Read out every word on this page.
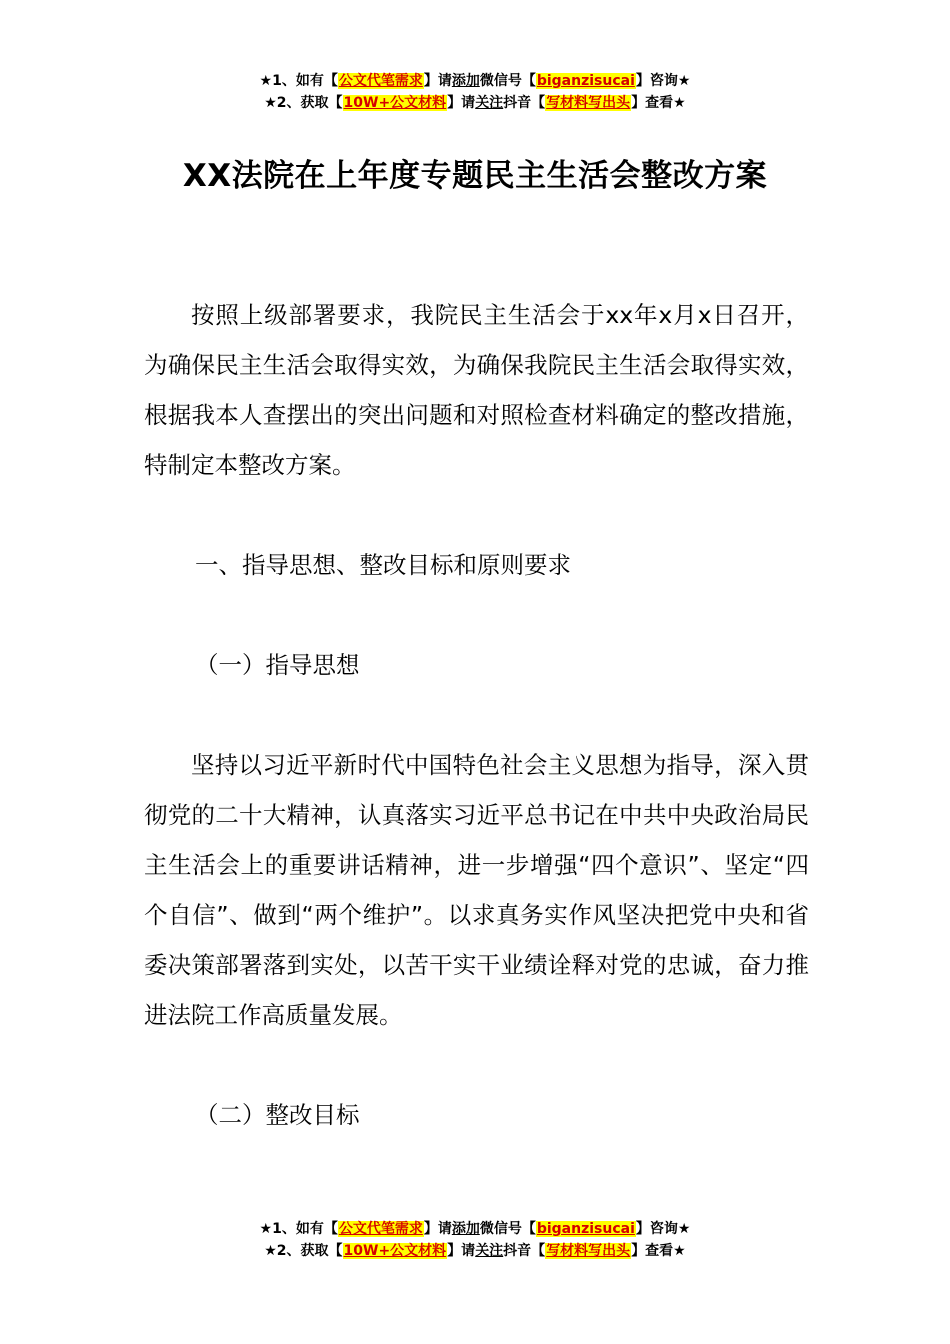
★1、如有【公文代笔需求】请添加微信号【biganzisucai】咨询★
★2、获取【10W+公文材料】请关注抖音【写材料写出头】查看★
XX法院在上年度专题民主生活会整改方案

按照上级部署要求，我院民主生活会于xx年x月x日召开，为确保民主生活会取得实效，为确保我院民主生活会取得实效，根据我本人查摆出的突出问题和对照检查材料确定的整改措施，特制定本整改方案。

一、指导思想、整改目标和原则要求

（一）指导思想

坚持以习近平新时代中国特色社会主义思想为指导，深入贯彻党的二十大精神，认真落实习近平总书记在中共中央政治局民主生活会上的重要讲话精神，进一步增强“四个意识”、坚定“四个自信”、做到“两个维护”。以求真务实作风坚决把党中央和省委决策部署落到实处，以苦干实干业绩诠释对党的忠诚，奋力推进法院工作高质量发展。

（二）整改目标

★1、如有【公文代笔需求】请添加微信号【biganzisucai】咨询★
★2、获取【10W+公文材料】请关注抖音【写材料写出头】查看★
